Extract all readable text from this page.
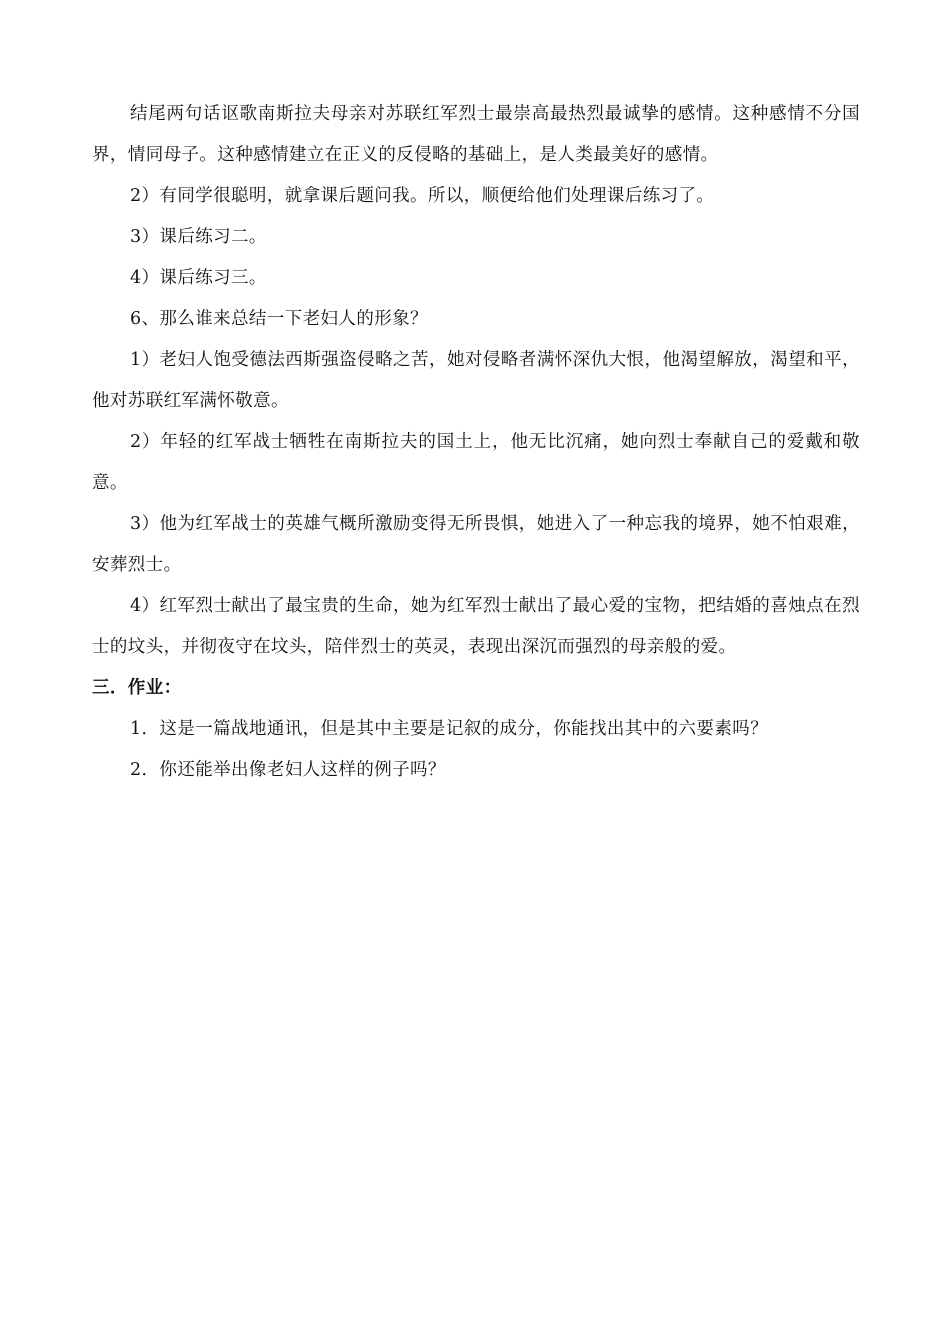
结尾两句话讴歌南斯拉夫母亲对苏联红军烈士最崇高最热烈最诚挚的感情。这种感情不分国界，情同母子。这种感情建立在正义的反侵略的基础上，是人类最美好的感情。

2）有同学很聪明，就拿课后题问我。所以，顺便给他们处理课后练习了。

3）课后练习二。

4）课后练习三。

6、那么谁来总结一下老妇人的形象？

1）老妇人饱受德法西斯强盗侵略之苦，她对侵略者满怀深仇大恨，他渴望解放，渴望和平，他对苏联红军满怀敬意。

2）年轻的红军战士牺牲在南斯拉夫的国土上，他无比沉痛，她向烈士奉献自己的爱戴和敬意。

3）他为红军战士的英雄气概所激励变得无所畏惧，她进入了一种忘我的境界，她不怕艰难，安葬烈士。

4）红军烈士献出了最宝贵的生命，她为红军烈士献出了最心爱的宝物，把结婚的喜烛点在烈士的坟头，并彻夜守在坟头，陪伴烈士的英灵，表现出深沉而强烈的母亲般的爱。

三．作业：

1．这是一篇战地通讯，但是其中主要是记叙的成分，你能找出其中的六要素吗？

2．你还能举出像老妇人这样的例子吗？
